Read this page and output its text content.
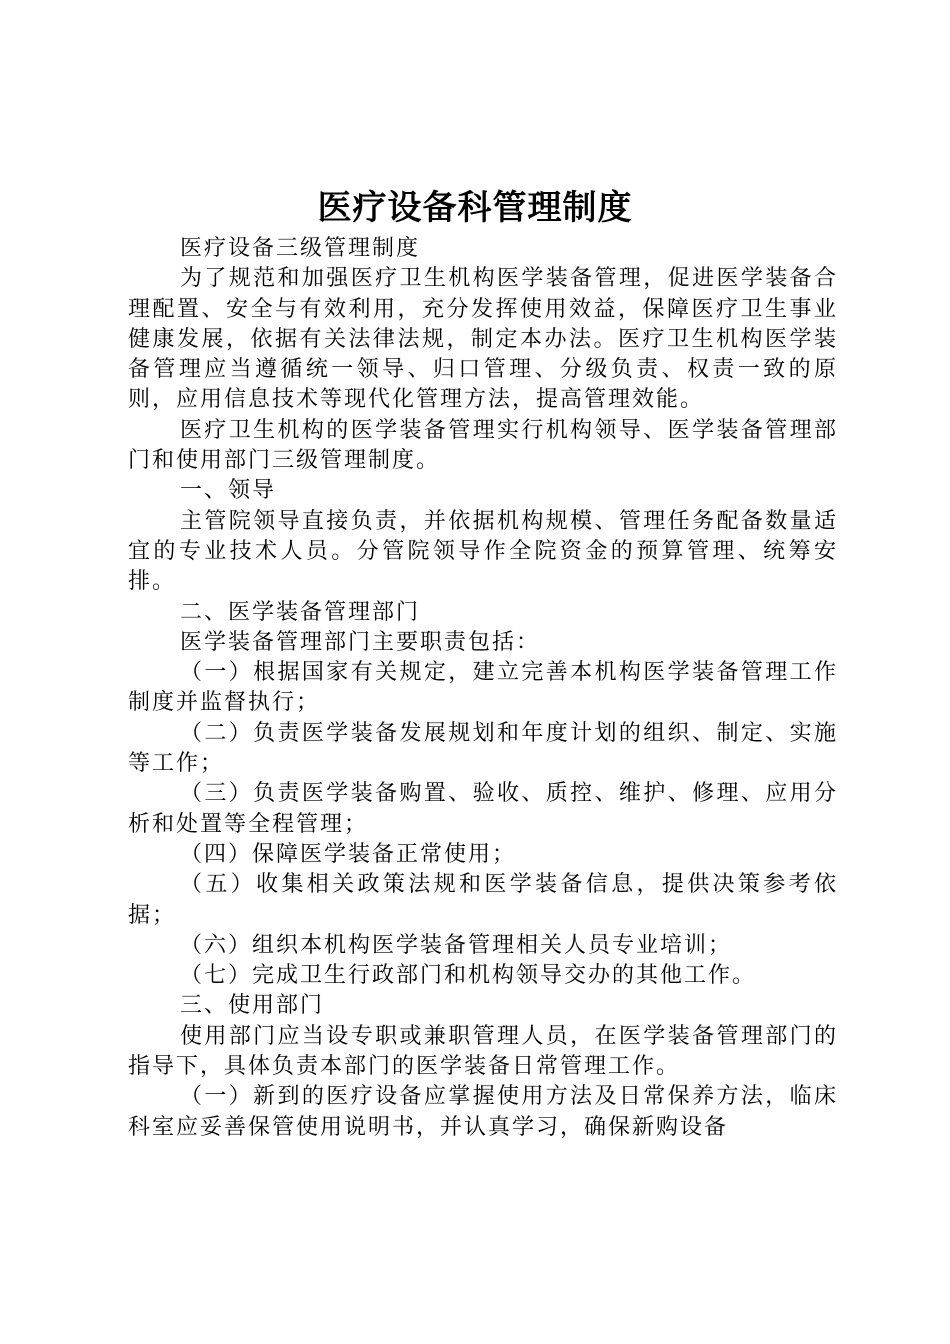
医疗设备科管理制度

医疗设备三级管理制度

为了规范和加强医疗卫生机构医学装备管理，促进医学装备合理配置、安全与有效利用，充分发挥使用效益，保障医疗卫生事业健康发展，依据有关法律法规，制定本办法。医疗卫生机构医学装备管理应当遵循统一领导、归口管理、分级负责、权责一致的原则，应用信息技术等现代化管理方法，提高管理效能。

医疗卫生机构的医学装备管理实行机构领导、医学装备管理部门和使用部门三级管理制度。

一、领导

主管院领导直接负责，并依据机构规模、管理任务配备数量适宜的专业技术人员。分管院领导作全院资金的预算管理、统筹安排。

二、医学装备管理部门

医学装备管理部门主要职责包括：

（一）根据国家有关规定，建立完善本机构医学装备管理工作制度并监督执行；

（二）负责医学装备发展规划和年度计划的组织、制定、实施等工作；

（三）负责医学装备购置、验收、质控、维护、修理、应用分析和处置等全程管理；

（四）保障医学装备正常使用；

（五）收集相关政策法规和医学装备信息，提供决策参考依据；

（六）组织本机构医学装备管理相关人员专业培训；

（七）完成卫生行政部门和机构领导交办的其他工作。

三、使用部门

使用部门应当设专职或兼职管理人员，在医学装备管理部门的指导下，具体负责本部门的医学装备日常管理工作。

（一）新到的医疗设备应掌握使用方法及日常保养方法，临床科室应妥善保管使用说明书，并认真学习，确保新购设备
